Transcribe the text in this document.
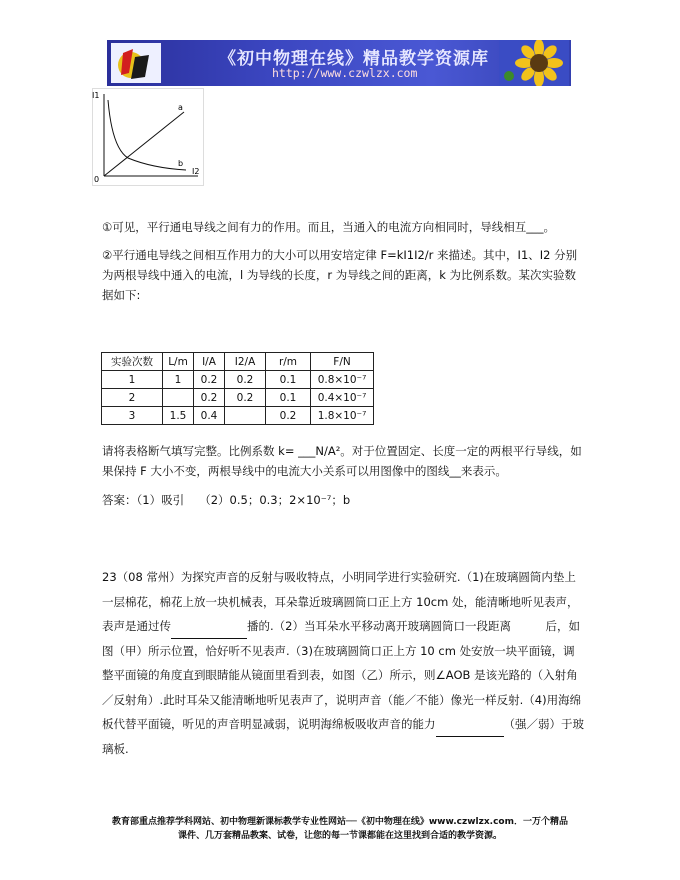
《初中物理在线》精品教学资源库
http://www.czwlzx.com
I1
I2
0
a
b

①可见，平行通电导线之间有力的作用。而且，当通入的电流方向相同时，导线相互___。

②平行通电导线之间相互作用力的大小可以用安培定律 F=kI1I2/r 来描述。其中，I1、I2 分别为两根导线中通入的电流，l 为导线的长度，r 为导线之间的距离，k 为比例系数。某次实验数据如下:

实验次数	L/m	I/A	I2/A	r/m	F/N
1	1	0.2	0.2	0.1	0.8×10⁻⁷
2		0.2	0.2	0.1	0.4×10⁻⁷
3	1.5	0.4		0.2	1.8×10⁻⁷

请将表格断气填写完整。比例系数 k= ___N/A²。对于位置固定、长度一定的两根平行导线，如果保持 F 大小不变，两根导线中的电流大小关系可以用图像中的图线__来表示。

答案：（1）吸引　 （2）0.5；0.3；2×10⁻⁷；b

23（08 常州）为探究声音的反射与吸收特点，小明同学进行实验研究.（1)在玻璃圆筒内垫上一层棉花，棉花上放一块机械表，耳朵靠近玻璃圆筒口正上方 10cm 处，能清晰地听见表声，表声是通过传	播的.（2）当耳朵水平移动离开玻璃圆筒口一段距离　　　后，如图（甲）所示位置，恰好听不见表声.（3)在玻璃圆筒口正上方 10 cm 处安放一块平面镜，调整平面镜的角度直到眼睛能从镜面里看到表，如图（乙）所示，则∠AOB 是该光路的（入射角／反射角）.此时耳朵又能清晰地听见表声了，说明声音（能／不能）像光一样反射.（4)用海绵板代替平面镜，听见的声音明显减弱，说明海绵板吸收声音的能力	（强／弱）于玻璃板.

教育部重点推荐学科网站、初中物理新课标教学专业性网站──《初中物理在线》www.czwlzx.com．一万个精品
课件、几万套精品教案、试卷，让您的每一节课都能在这里找到合适的教学资源。
